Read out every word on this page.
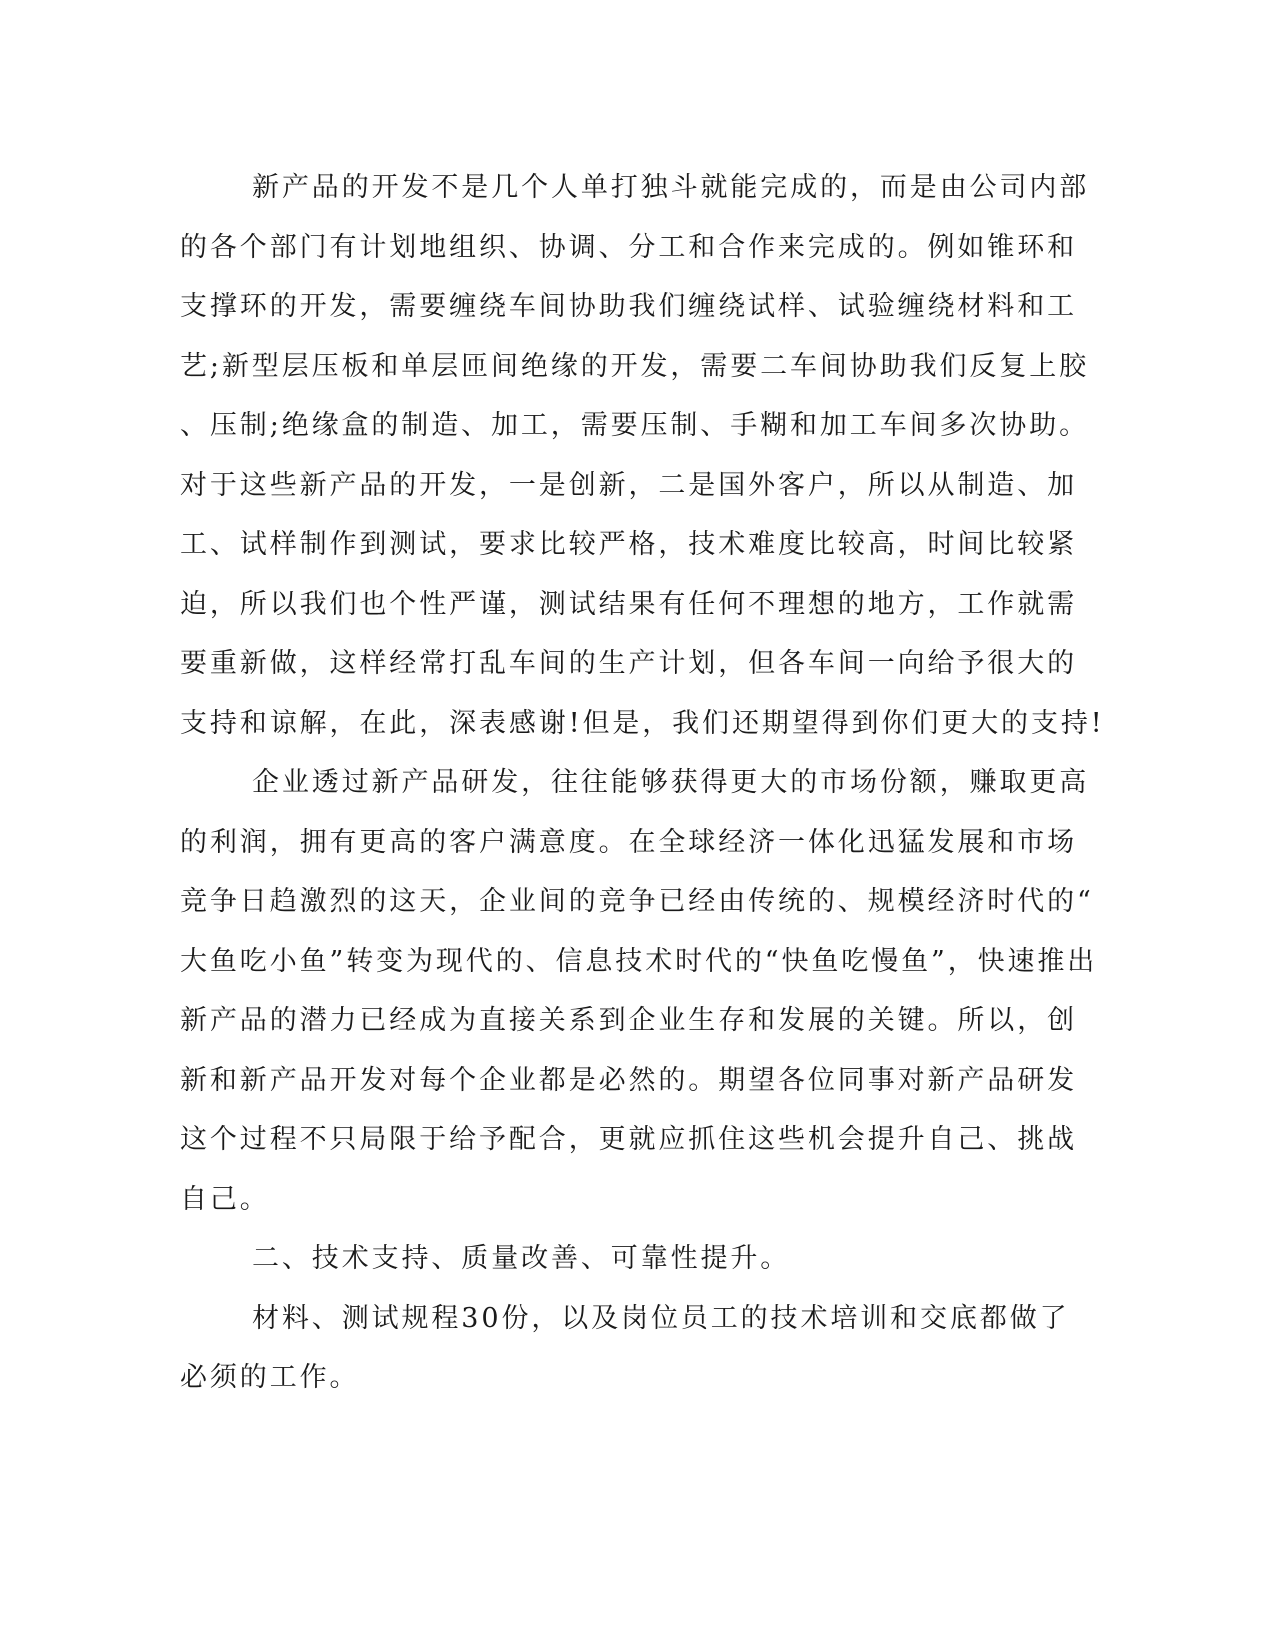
新产品的开发不是几个人单打独斗就能完成的，而是由公司内部
的各个部门有计划地组织、协调、分工和合作来完成的。例如锥环和
支撑环的开发，需要缠绕车间协助我们缠绕试样、试验缠绕材料和工
艺;新型层压板和单层匝间绝缘的开发，需要二车间协助我们反复上胶
、压制;绝缘盒的制造、加工，需要压制、手糊和加工车间多次协助。
对于这些新产品的开发，一是创新，二是国外客户，所以从制造、加
工、试样制作到测试，要求比较严格，技术难度比较高，时间比较紧
迫，所以我们也个性严谨，测试结果有任何不理想的地方，工作就需
要重新做，这样经常打乱车间的生产计划，但各车间一向给予很大的
支持和谅解，在此，深表感谢!但是，我们还期望得到你们更大的支持!
企业透过新产品研发，往往能够获得更大的市场份额，赚取更高
的利润，拥有更高的客户满意度。在全球经济一体化迅猛发展和市场
竞争日趋激烈的这天，企业间的竞争已经由传统的、规模经济时代的“
大鱼吃小鱼”转变为现代的、信息技术时代的“快鱼吃慢鱼”，快速推出
新产品的潜力已经成为直接关系到企业生存和发展的关键。所以，创
新和新产品开发对每个企业都是必然的。期望各位同事对新产品研发
这个过程不只局限于给予配合，更就应抓住这些机会提升自己、挑战
自己。
二、技术支持、质量改善、可靠性提升。
材料、测试规程30份，以及岗位员工的技术培训和交底都做了
必须的工作。
